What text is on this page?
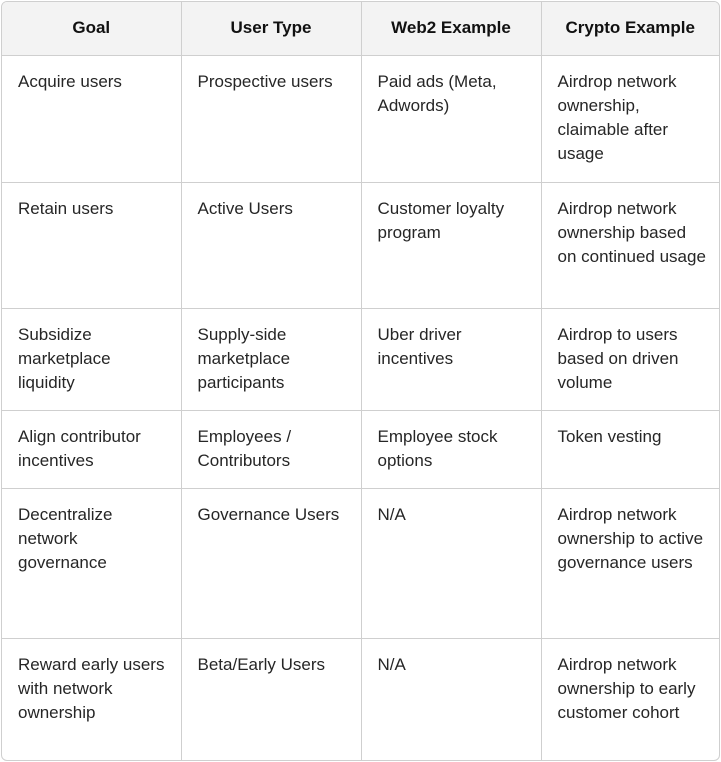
Goal	User Type	Web2 Example	Crypto Example
Acquire users	Prospective users	Paid ads (Meta, Adwords)	Airdrop network ownership, claimable after usage
Retain users	Active Users	Customer loyalty program	Airdrop network ownership based on continued usage
Subsidize marketplace liquidity	Supply-side marketplace participants	Uber driver incentives	Airdrop to users based on driven volume
Align contributor incentives	Employees / Contributors	Employee stock options	Token vesting
Decentralize network governance	Governance Users	N/A	Airdrop network ownership to active governance users
Reward early users with network ownership	Beta/Early Users	N/A	Airdrop network ownership to early customer cohort
